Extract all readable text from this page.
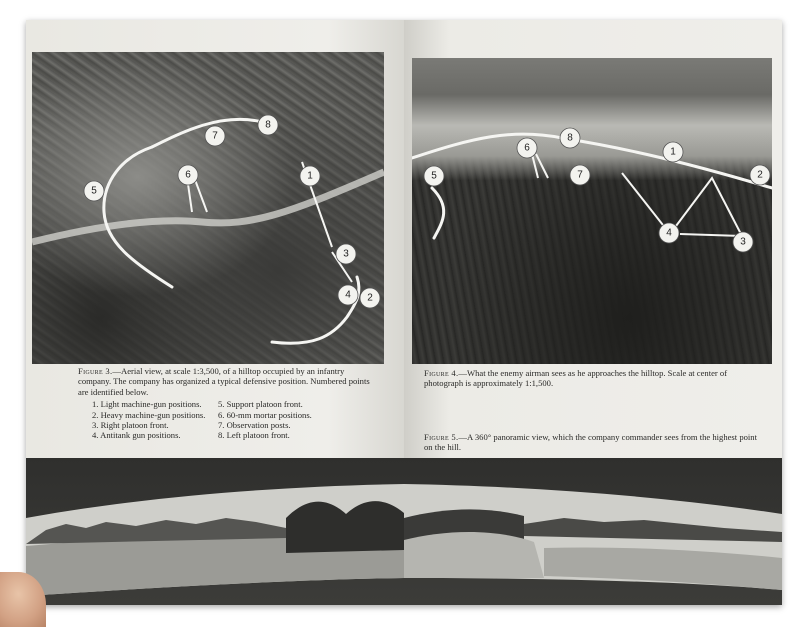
1
2
3
4
5
6
7
8
Figure 3.—Aerial view, at scale 1:3,500, of a hilltop occupied by an infantry company. The company has organized a typical defensive position. Numbered points are identified below.
1. Light machine-gun positions.
2. Heavy machine-gun positions.
3. Right platoon front.
4. Antitank gun positions.
5. Support platoon front.
6. 60-mm mortar positions.
7. Observation posts.
8. Left platoon front.
1
2
3
4
5
6
7
8
Figure 4.—What the enemy airman sees as he approaches the hilltop. Scale at center of photograph is approximately 1:1,500.
Figure 5.—A 360° panoramic view, which the company commander sees from the highest point on the hill.
